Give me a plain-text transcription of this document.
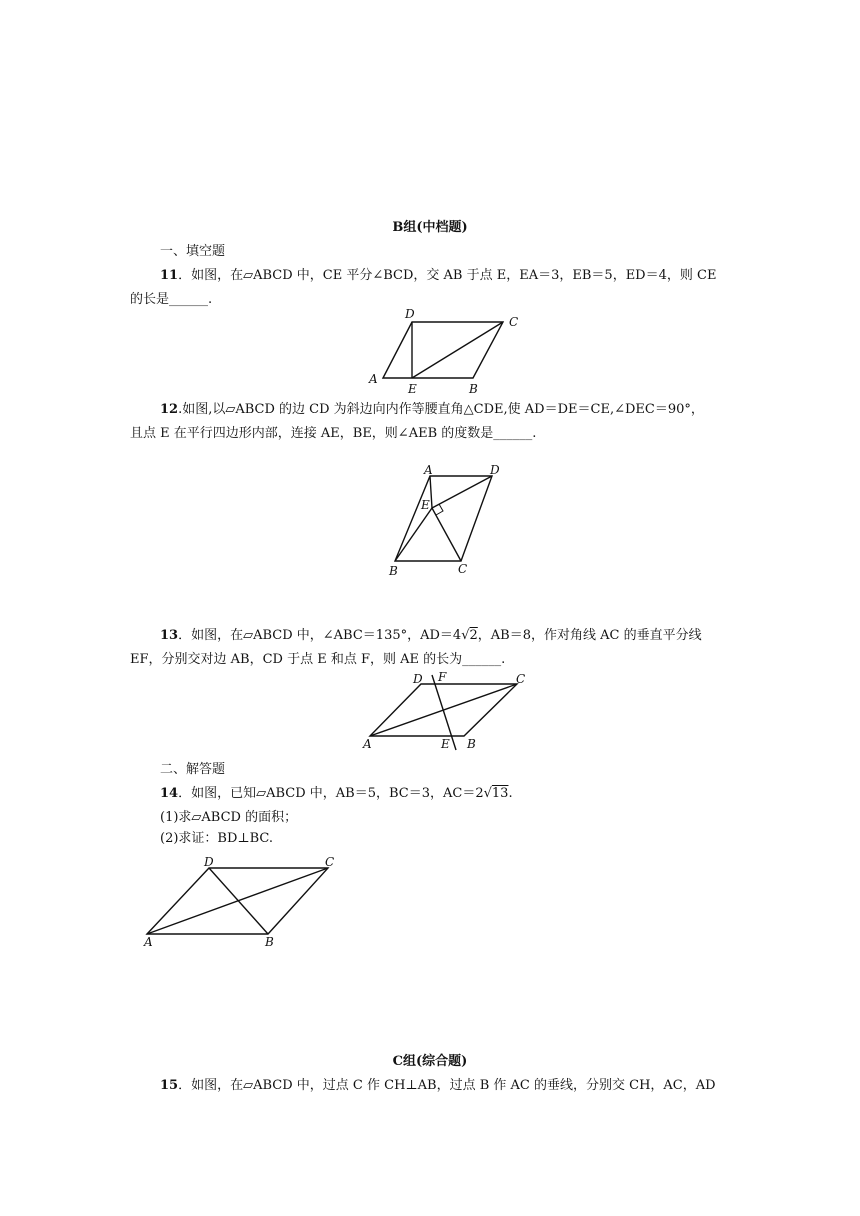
B组(中档题)
一、填空题
11．如图，在▱ABCD 中，CE 平分∠BCD，交 AB 于点 E，EA＝3，EB＝5，ED＝4，则 CE
的长是______.
A
D
C
E	B
12.如图,以▱ABCD 的边 CD 为斜边向内作等腰直角△CDE,使 AD＝DE＝CE,∠DEC＝90°，
且点 E 在平行四边形内部，连接 AE，BE，则∠AEB 的度数是______.
A	D
E
B	C
13．如图，在▱ABCD 中，∠ABC＝135°，AD＝4√2，AB＝8，作对角线 AC 的垂直平分线
EF，分别交对边 AB，CD 于点 E 和点 F，则 AE 的长为______.
D F	C
A	E B
二、解答题
14．如图，已知▱ABCD 中，AB＝5，BC＝3，AC＝2√13.
(1)求▱ABCD 的面积；
(2)求证：BD⊥BC.
D	C
A	B
C组(综合题)
15．如图，在▱ABCD 中，过点 C 作 CH⊥AB，过点 B 作 AC 的垂线，分别交 CH，AC，AD
